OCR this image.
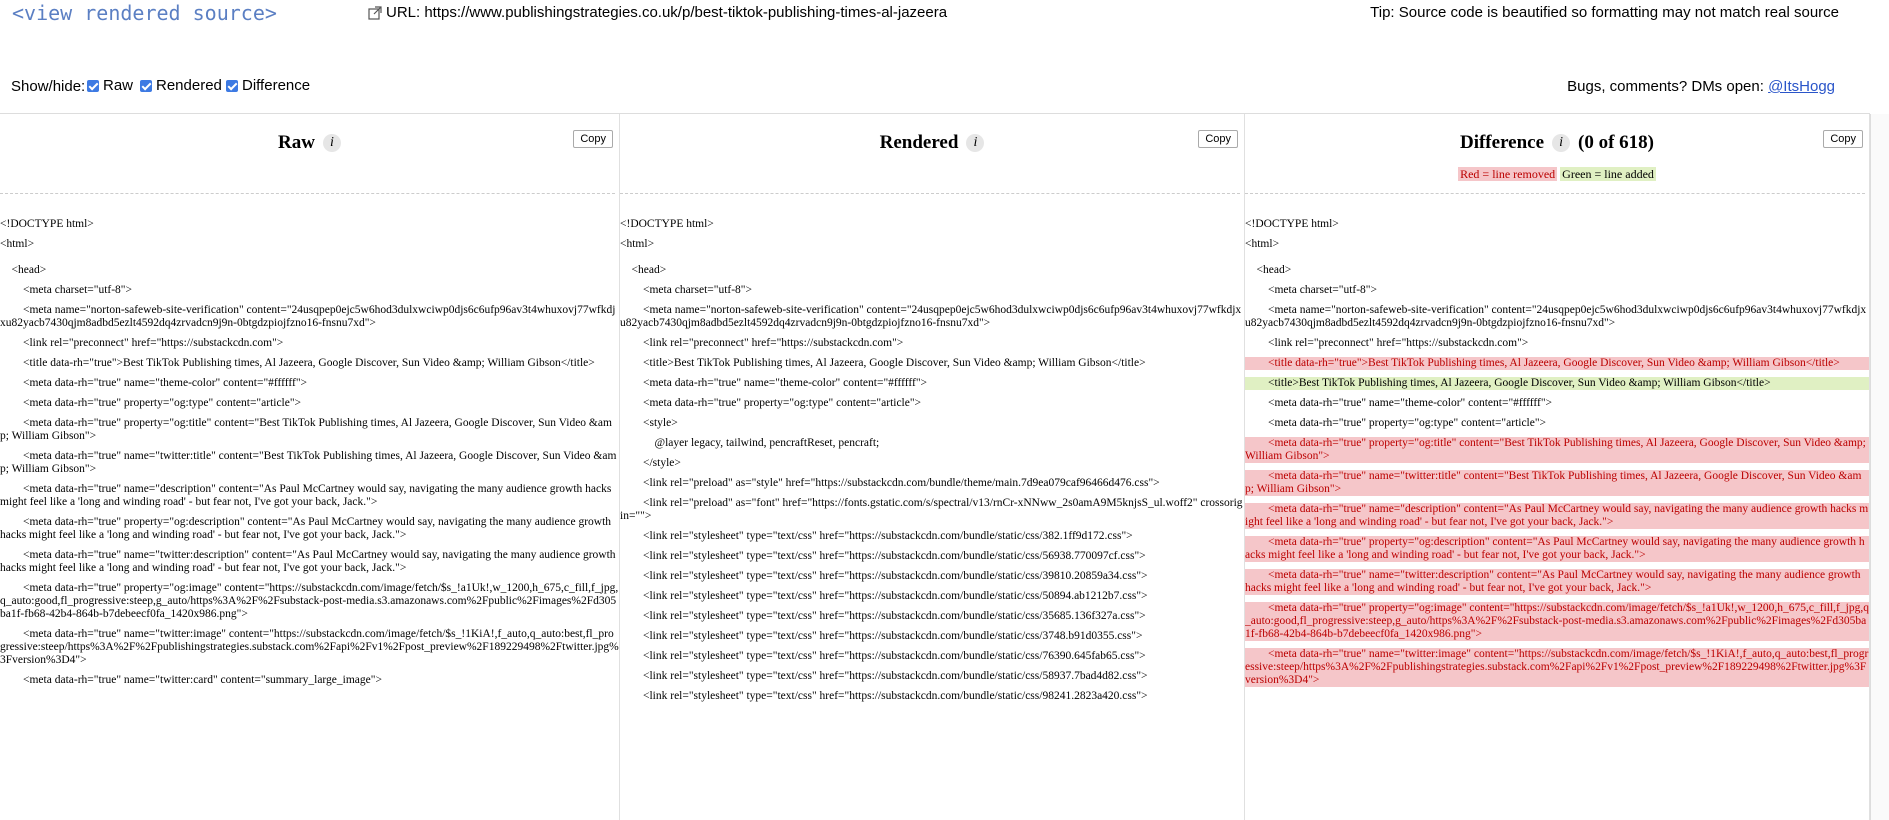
<view rendered source>	URL: https://www.publishingstrategies.co.uk/p/best-tiktok-publishing-times-al-jazeera	Tip: Source code is beautified so formatting may not match real source
Show/hide: Raw Rendered Difference	Bugs, comments? DMs open: @ItsHogg
Raw i	Copy
<!DOCTYPE html>
<html>
<head>
<meta charset="utf-8">
<meta name="norton-safeweb-site-verification" content="24usqpep0ejc5w6hod3dulxwciwp0djs6c6ufp96av3t4whuxovj77wfkdjxu82yacb7430qjm8adbd5ezlt4592dq4zrvadcn9j9n-0btgdzpiojfzno16-fnsnu7xd">
<link rel="preconnect" href="https://substackcdn.com">
<title data-rh="true">Best TikTok Publishing times, Al Jazeera, Google Discover, Sun Video &amp; William Gibson</title>
<meta data-rh="true" name="theme-color" content="#ffffff">
<meta data-rh="true" property="og:type" content="article">
<meta data-rh="true" property="og:title" content="Best TikTok Publishing times, Al Jazeera, Google Discover, Sun Video &amp; William Gibson">
<meta data-rh="true" name="twitter:title" content="Best TikTok Publishing times, Al Jazeera, Google Discover, Sun Video &amp; William Gibson">
<meta data-rh="true" name="description" content="As Paul McCartney would say, navigating the many audience growth hacks might feel like a 'long and winding road' - but fear not, I've got your back, Jack.">
<meta data-rh="true" property="og:description" content="As Paul McCartney would say, navigating the many audience growth hacks might feel like a 'long and winding road' - but fear not, I've got your back, Jack.">
<meta data-rh="true" name="twitter:description" content="As Paul McCartney would say, navigating the many audience growth hacks might feel like a 'long and winding road' - but fear not, I've got your back, Jack.">
<meta data-rh="true" property="og:image" content="https://substackcdn.com/image/fetch/$s_!a1Uk!,w_1200,h_675,c_fill,f_jpg,q_auto:good,fl_progressive:steep,g_auto/https%3A%2F%2Fsubstack-post-media.s3.amazonaws.com%2Fpublic%2Fimages%2Fd305ba1f-fb68-42b4-864b-b7debeecf0fa_1420x986.png">
<meta data-rh="true" name="twitter:image" content="https://substackcdn.com/image/fetch/$s_!1KiA!,f_auto,q_auto:best,fl_progressive:steep/https%3A%2F%2Fpublishingstrategies.substack.com%2Fapi%2Fv1%2Fpost_preview%2F189229498%2Ftwitter.jpg%3Fversion%3D4">
<meta data-rh="true" name="twitter:card" content="summary_large_image">
Rendered i	Copy
<!DOCTYPE html>
<html>
<head>
<meta charset="utf-8">
<meta name="norton-safeweb-site-verification" content="24usqpep0ejc5w6hod3dulxwciwp0djs6c6ufp96av3t4whuxovj77wfkdjxu82yacb7430qjm8adbd5ezlt4592dq4zrvadcn9j9n-0btgdzpiojfzno16-fnsnu7xd">
<link rel="preconnect" href="https://substackcdn.com">
<title>Best TikTok Publishing times, Al Jazeera, Google Discover, Sun Video &amp; William Gibson</title>
<meta data-rh="true" name="theme-color" content="#ffffff">
<meta data-rh="true" property="og:type" content="article">
<style>
@layer legacy, tailwind, pencraftReset, pencraft;
</style>
<link rel="preload" as="style" href="https://substackcdn.com/bundle/theme/main.7d9ea079caf96466d476.css">
<link rel="preload" as="font" href="https://fonts.gstatic.com/s/spectral/v13/rnCr-xNNww_2s0amA9M5knjsS_ul.woff2" crossorigin="">
<link rel="stylesheet" type="text/css" href="https://substackcdn.com/bundle/static/css/382.1ff9d172.css">
<link rel="stylesheet" type="text/css" href="https://substackcdn.com/bundle/static/css/56938.770097cf.css">
<link rel="stylesheet" type="text/css" href="https://substackcdn.com/bundle/static/css/39810.20859a34.css">
<link rel="stylesheet" type="text/css" href="https://substackcdn.com/bundle/static/css/50894.ab1212b7.css">
<link rel="stylesheet" type="text/css" href="https://substackcdn.com/bundle/static/css/35685.136f327a.css">
<link rel="stylesheet" type="text/css" href="https://substackcdn.com/bundle/static/css/3748.b91d0355.css">
<link rel="stylesheet" type="text/css" href="https://substackcdn.com/bundle/static/css/76390.645fab65.css">
<link rel="stylesheet" type="text/css" href="https://substackcdn.com/bundle/static/css/58937.7bad4d82.css">
<link rel="stylesheet" type="text/css" href="https://substackcdn.com/bundle/static/css/98241.2823a420.css">
Difference i (0 of 618)	Copy
Red = line removed Green = line added
<!DOCTYPE html>
<html>
<head>
<meta charset="utf-8">
<meta name="norton-safeweb-site-verification" content="24usqpep0ejc5w6hod3dulxwciwp0djs6c6ufp96av3t4whuxovj77wfkdjxu82yacb7430qjm8adbd5ezlt4592dq4zrvadcn9j9n-0btgdzpiojfzno16-fnsnu7xd">
<link rel="preconnect" href="https://substackcdn.com">
<title data-rh="true">Best TikTok Publishing times, Al Jazeera, Google Discover, Sun Video &amp; William Gibson</title>
<title>Best TikTok Publishing times, Al Jazeera, Google Discover, Sun Video &amp; William Gibson</title>
<meta data-rh="true" name="theme-color" content="#ffffff">
<meta data-rh="true" property="og:type" content="article">
<meta data-rh="true" property="og:title" content="Best TikTok Publishing times, Al Jazeera, Google Discover, Sun Video &amp; William Gibson">
<meta data-rh="true" name="twitter:title" content="Best TikTok Publishing times, Al Jazeera, Google Discover, Sun Video &amp; William Gibson">
<meta data-rh="true" name="description" content="As Paul McCartney would say, navigating the many audience growth hacks might feel like a 'long and winding road' - but fear not, I've got your back, Jack.">
<meta data-rh="true" property="og:description" content="As Paul McCartney would say, navigating the many audience growth hacks might feel like a 'long and winding road' - but fear not, I've got your back, Jack.">
<meta data-rh="true" name="twitter:description" content="As Paul McCartney would say, navigating the many audience growth hacks might feel like a 'long and winding road' - but fear not, I've got your back, Jack.">
<meta data-rh="true" property="og:image" content="https://substackcdn.com/image/fetch/$s_!a1Uk!,w_1200,h_675,c_fill,f_jpg,q_auto:good,fl_progressive:steep,g_auto/https%3A%2F%2Fsubstack-post-media.s3.amazonaws.com%2Fpublic%2Fimages%2Fd305ba1f-fb68-42b4-864b-b7debeecf0fa_1420x986.png">
<meta data-rh="true" name="twitter:image" content="https://substackcdn.com/image/fetch/$s_!1KiA!,f_auto,q_auto:best,fl_progressive:steep/https%3A%2F%2Fpublishingstrategies.substack.com%2Fapi%2Fv1%2Fpost_preview%2F189229498%2Ftwitter.jpg%3Fversion%3D4">
